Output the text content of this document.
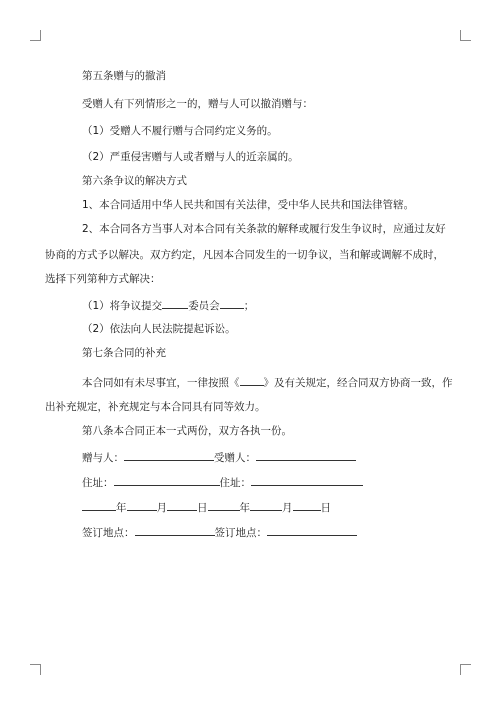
第五条赠与的撤消
受赠人有下列情形之一的，赠与人可以撤消赠与：
（1）受赠人不履行赠与合同约定义务的。
（2）严重侵害赠与人或者赠与人的近亲属的。
第六条争议的解决方式
1、本合同适用中华人民共和国有关法律，受中华人民共和国法律管辖。
2、本合同各方当事人对本合同有关条款的解释或履行发生争议时，应通过友好
协商的方式予以解决。双方约定，凡因本合同发生的一切争议，当和解或调解不成时，
选择下列第种方式解决：
（1）将争议提交 委员会 ；
（2）依法向人民法院提起诉讼。
第七条合同的补充
本合同如有未尽事宜，一律按照《 》及有关规定，经合同双方协商一致，作
出补充规定，补充规定与本合同具有同等效力。
第八条本合同正本一式两份，双方各执一份。
赠与人：	受赠人：
住址：	住址：
年	月	日	年	月	日
签订地点：	签订地点：
